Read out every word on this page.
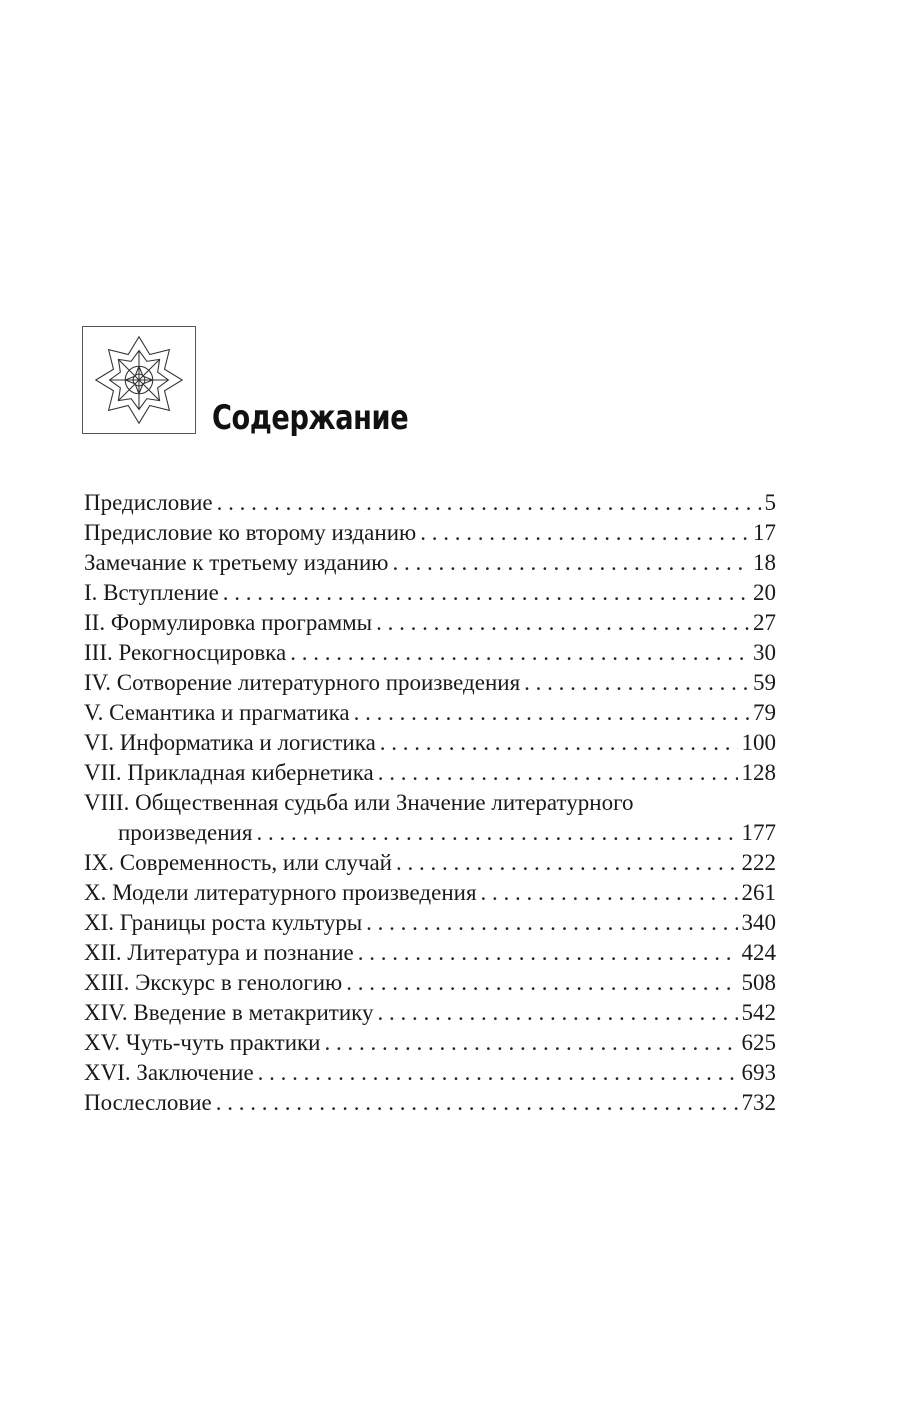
Содержание
Предисловие . . .	5
Предисловие ко второму изданию . . .	17
Замечание к третьему изданию . . .	18
I. Вступление . . .	20
II. Формулировка программы . . .	27
III. Рекогносцировка . . .	30
IV. Сотворение литературного произведения . . .	59
V. Семантика и прагматика . . .	79
VI. Информатика и логистика . . .	100
VII. Прикладная кибернетика . . .	128
VIII. Общественная судьба или Значение литературного
произведения . . .	177
IX. Современность, или случай . . .	222
X. Модели литературного произведения . . .	261
XI. Границы роста культуры . . .	340
XII. Литература и познание . . .	424
XIII. Экскурс в генологию . . .	508
XIV. Введение в метакритику . . .	542
XV. Чуть-чуть практики . . .	625
XVI. Заключение . . .	693
Послесловие . . .	732
